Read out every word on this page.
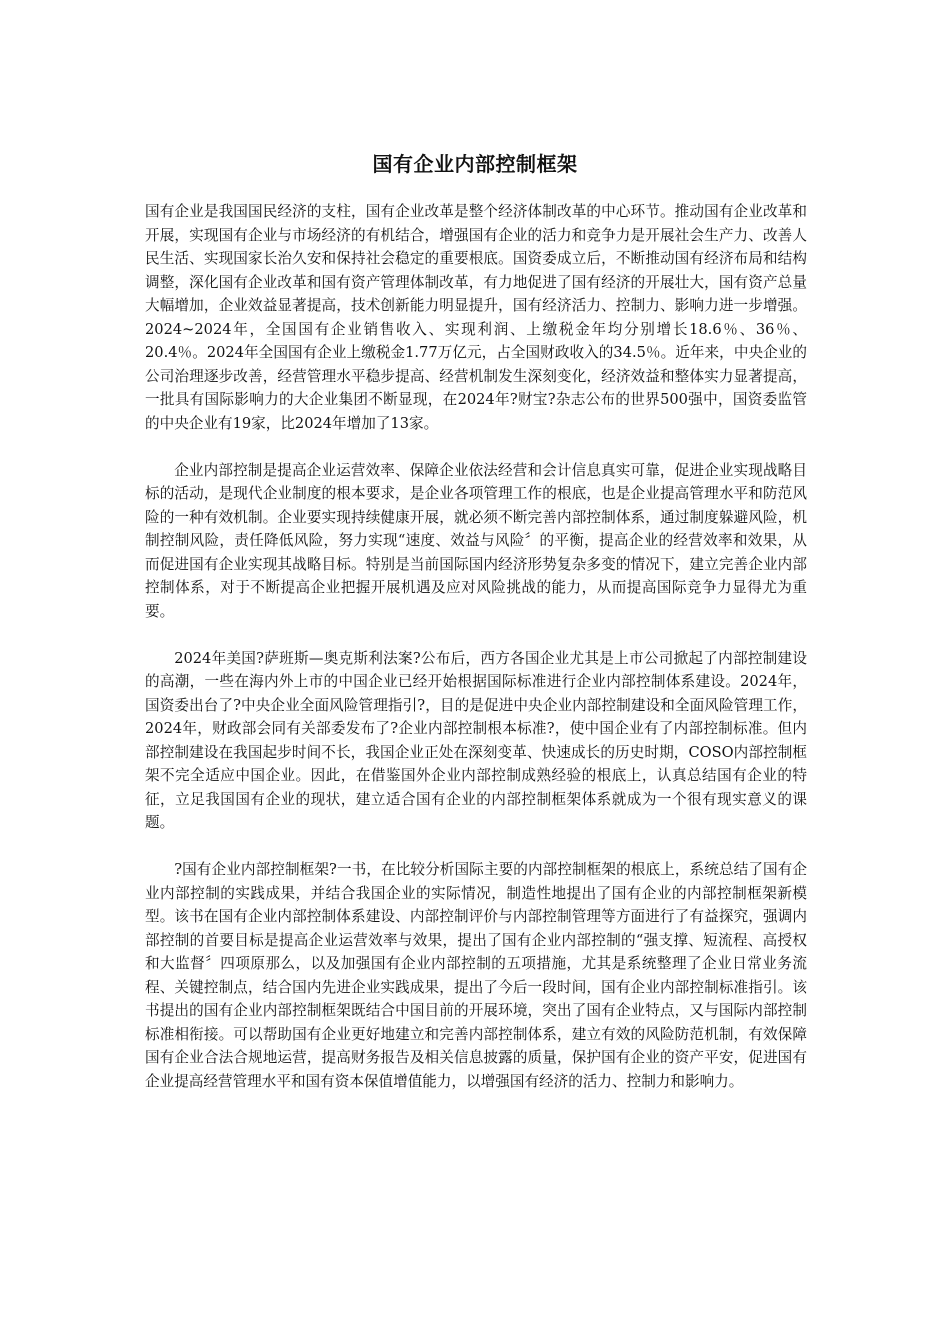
国有企业内部控制框架

国有企业是我国国民经济的支柱，国有企业改革是整个经济体制改革的中心环节。推动国有企业改革和开展，实现国有企业与市场经济的有机结合，增强国有企业的活力和竞争力是开展社会生产力、改善人民生活、实现国家长治久安和保持社会稳定的重要根底。国资委成立后，不断推动国有经济布局和结构调整，深化国有企业改革和国有资产管理体制改革，有力地促进了国有经济的开展壮大，国有资产总量大幅增加，企业效益显著提高，技术创新能力明显提升，国有经济活力、控制力、影响力进一步增强。2024~2024年，全国国有企业销售收入、实现利润、上缴税金年均分别增长18.6％、36％、20.4％。2024年全国国有企业上缴税金1.77万亿元，占全国财政收入的34.5％。近年来，中央企业的公司治理逐步改善，经营管理水平稳步提高、经营机制发生深刻变化，经济效益和整体实力显著提高，一批具有国际影响力的大企业集团不断显现，在2024年?财宝?杂志公布的世界500强中，国资委监管的中央企业有19家，比2024年增加了13家。

企业内部控制是提高企业运营效率、保障企业依法经营和会计信息真实可靠，促进企业实现战略目标的活动，是现代企业制度的根本要求，是企业各项管理工作的根底，也是企业提高管理水平和防范风险的一种有效机制。企业要实现持续健康开展，就必须不断完善内部控制体系，通过制度躲避风险，机制控制风险，责任降低风险，努力实现“速度、效益与风险〞的平衡，提高企业的经营效率和效果，从而促进国有企业实现其战略目标。特别是当前国际国内经济形势复杂多变的情况下，建立完善企业内部控制体系，对于不断提高企业把握开展机遇及应对风险挑战的能力，从而提高国际竞争力显得尤为重要。

2024年美国?萨班斯—奥克斯利法案?公布后，西方各国企业尤其是上市公司掀起了内部控制建设的高潮，一些在海内外上市的中国企业已经开始根据国际标准进行企业内部控制体系建设。2024年，国资委出台了?中央企业全面风险管理指引?，目的是促进中央企业内部控制建设和全面风险管理工作，2024年，财政部会同有关部委发布了?企业内部控制根本标准?，使中国企业有了内部控制标准。但内部控制建设在我国起步时间不长，我国企业正处在深刻变革、快速成长的历史时期，COSO内部控制框架不完全适应中国企业。因此，在借鉴国外企业内部控制成熟经验的根底上，认真总结国有企业的特征，立足我国国有企业的现状，建立适合国有企业的内部控制框架体系就成为一个很有现实意义的课题。

?国有企业内部控制框架?一书，在比较分析国际主要的内部控制框架的根底上，系统总结了国有企业内部控制的实践成果，并结合我国企业的实际情况，制造性地提出了国有企业的内部控制框架新模型。该书在国有企业内部控制体系建设、内部控制评价与内部控制管理等方面进行了有益探究，强调内部控制的首要目标是提高企业运营效率与效果，提出了国有企业内部控制的“强支撑、短流程、高授权和大监督〞四项原那么，以及加强国有企业内部控制的五项措施，尤其是系统整理了企业日常业务流程、关键控制点，结合国内先进企业实践成果，提出了今后一段时间，国有企业内部控制标准指引。该书提出的国有企业内部控制框架既结合中国目前的开展环境，突出了国有企业特点，又与国际内部控制标准相衔接。可以帮助国有企业更好地建立和完善内部控制体系，建立有效的风险防范机制，有效保障国有企业合法合规地运营，提高财务报告及相关信息披露的质量，保护国有企业的资产平安，促进国有企业提高经营管理水平和国有资本保值增值能力，以增强国有经济的活力、控制力和影响力。
